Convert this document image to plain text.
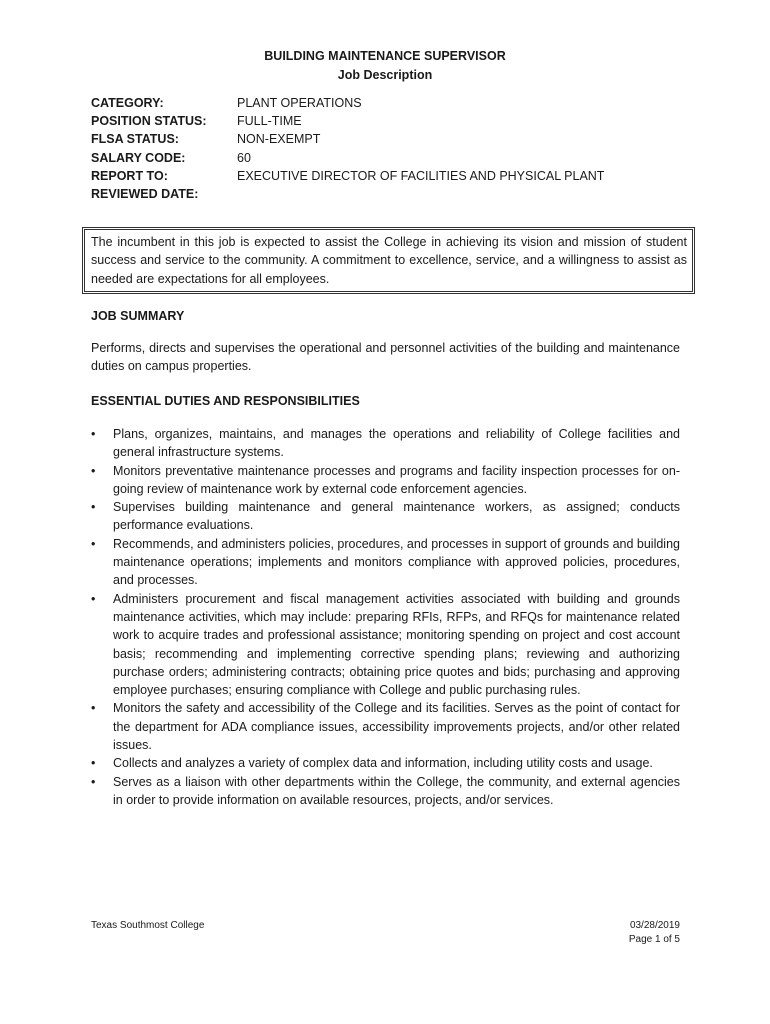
BUILDING MAINTENANCE SUPERVISOR
Job Description
CATEGORY:	PLANT OPERATIONS
POSITION STATUS:	FULL-TIME
FLSA STATUS:	NON-EXEMPT
SALARY CODE:	60
REPORT TO:	EXECUTIVE DIRECTOR OF FACILITIES AND PHYSICAL PLANT
REVIEWED DATE:
The incumbent in this job is expected to assist the College in achieving its vision and mission of student success and service to the community. A commitment to excellence, service, and a willingness to assist as needed are expectations for all employees.
JOB SUMMARY
Performs, directs and supervises the operational and personnel activities of the building and maintenance duties on campus properties.
ESSENTIAL DUTIES AND RESPONSIBILITIES
•	Plans, organizes, maintains, and manages the operations and reliability of College facilities and general infrastructure systems.
•	Monitors preventative maintenance processes and programs and facility inspection processes for on-going review of maintenance work by external code enforcement agencies.
•	Supervises building maintenance and general maintenance workers, as assigned; conducts performance evaluations.
•	Recommends, and administers policies, procedures, and processes in support of grounds and building maintenance operations; implements and monitors compliance with approved policies, procedures, and processes.
•	Administers procurement and fiscal management activities associated with building and grounds maintenance activities, which may include: preparing RFIs, RFPs, and RFQs for maintenance related work to acquire trades and professional assistance; monitoring spending on project and cost account basis; recommending and implementing corrective spending plans; reviewing and authorizing purchase orders; administering contracts; obtaining price quotes and bids; purchasing and approving employee purchases; ensuring compliance with College and public purchasing rules.
•	Monitors the safety and accessibility of the College and its facilities. Serves as the point of contact for the department for ADA compliance issues, accessibility improvements projects, and/or other related issues.
•	Collects and analyzes a variety of complex data and information, including utility costs and usage.
•	Serves as a liaison with other departments within the College, the community, and external agencies in order to provide information on available resources, projects, and/or services.
Texas Southmost College	03/28/2019
Page 1 of 5
